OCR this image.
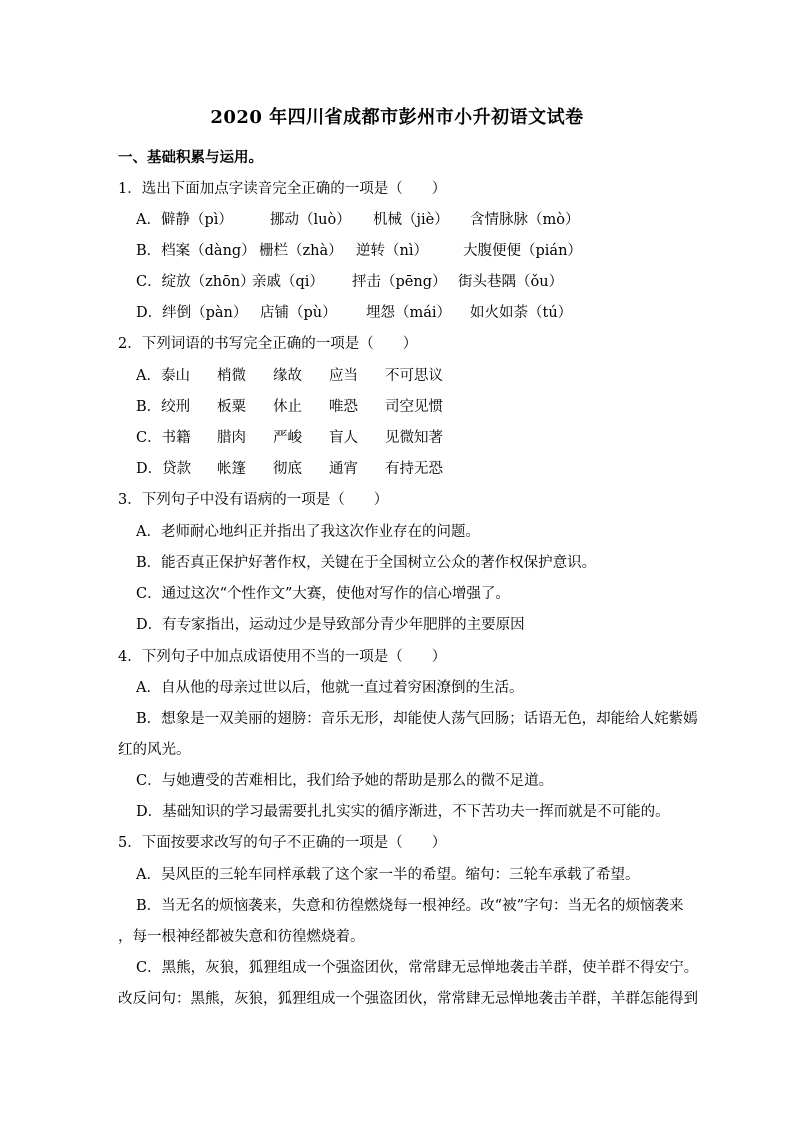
2020 年四川省成都市彭州市小升初语文试卷
一、基础积累与运用。
1．选出下面加点字读音完全正确的一项是（　　）
A．僻静（pì）	挪动（luò） 机械（jiè） 含情脉脉（mò）
B．档案（dàng） 栅栏（zhà） 逆转（nì） 大腹便便（pián）
C．绽放（zhōn）
亲戚（qi） 抨击（pēng） 街头巷隅（ǒu）
D．绊倒（pàn） 店铺（pù） 埋怨（mái） 如火如荼（tú）
2．下列词语的书写完全正确的一项是（　　）
A．泰山 梢微 缘故 应当 不可思议
B．绞刑 板粟 休止 唯恐 司空见惯
C．书籍 腊肉 严峻 盲人 见微知著
D．贷款 帐篷 彻底 通宵 有持无恐
3．下列句子中没有语病的一项是（　　）
A．老师耐心地纠正并指出了我这次作业存在的问题。
B．能否真正保护好著作权，关键在于全国树立公众的著作权保护意识。
C．通过这次“个性作文”大赛，使他对写作的信心增强了。
D．有专家指出，运动过少是导致部分青少年肥胖的主要原因
4．下列句子中加点成语使用不当的一项是（　　）
A．自从他的母亲过世以后，他就一直过着穷困潦倒的生活。
B．想象是一双美丽的翅膀：音乐无形，却能使人荡气回肠；话语无色，却能给人姹紫嫣
红的风光。
C．与她遭受的苦难相比，我们给予她的帮助是那么的微不足道。
D．基础知识的学习最需要扎扎实实的循序渐进，不下苦功夫一挥而就是不可能的。
5．下面按要求改写的句子不正确的一项是（　　）
A．吴风臣的三轮车同样承载了这个家一半的希望。缩句：三轮车承载了希望。
B．当无名的烦恼袭来，失意和彷徨燃烧每一根神经。改“被”字句：当无名的烦恼袭来
，每一根神经都被失意和彷徨燃烧着。
C．黑熊，灰狼，狐狸组成一个强盗团伙，常常肆无忌惮地袭击羊群，使羊群不得安宁。
改反问句：黑熊，灰狼，狐狸组成一个强盗团伙，常常肆无忌惮地袭击羊群，羊群怎能得到
